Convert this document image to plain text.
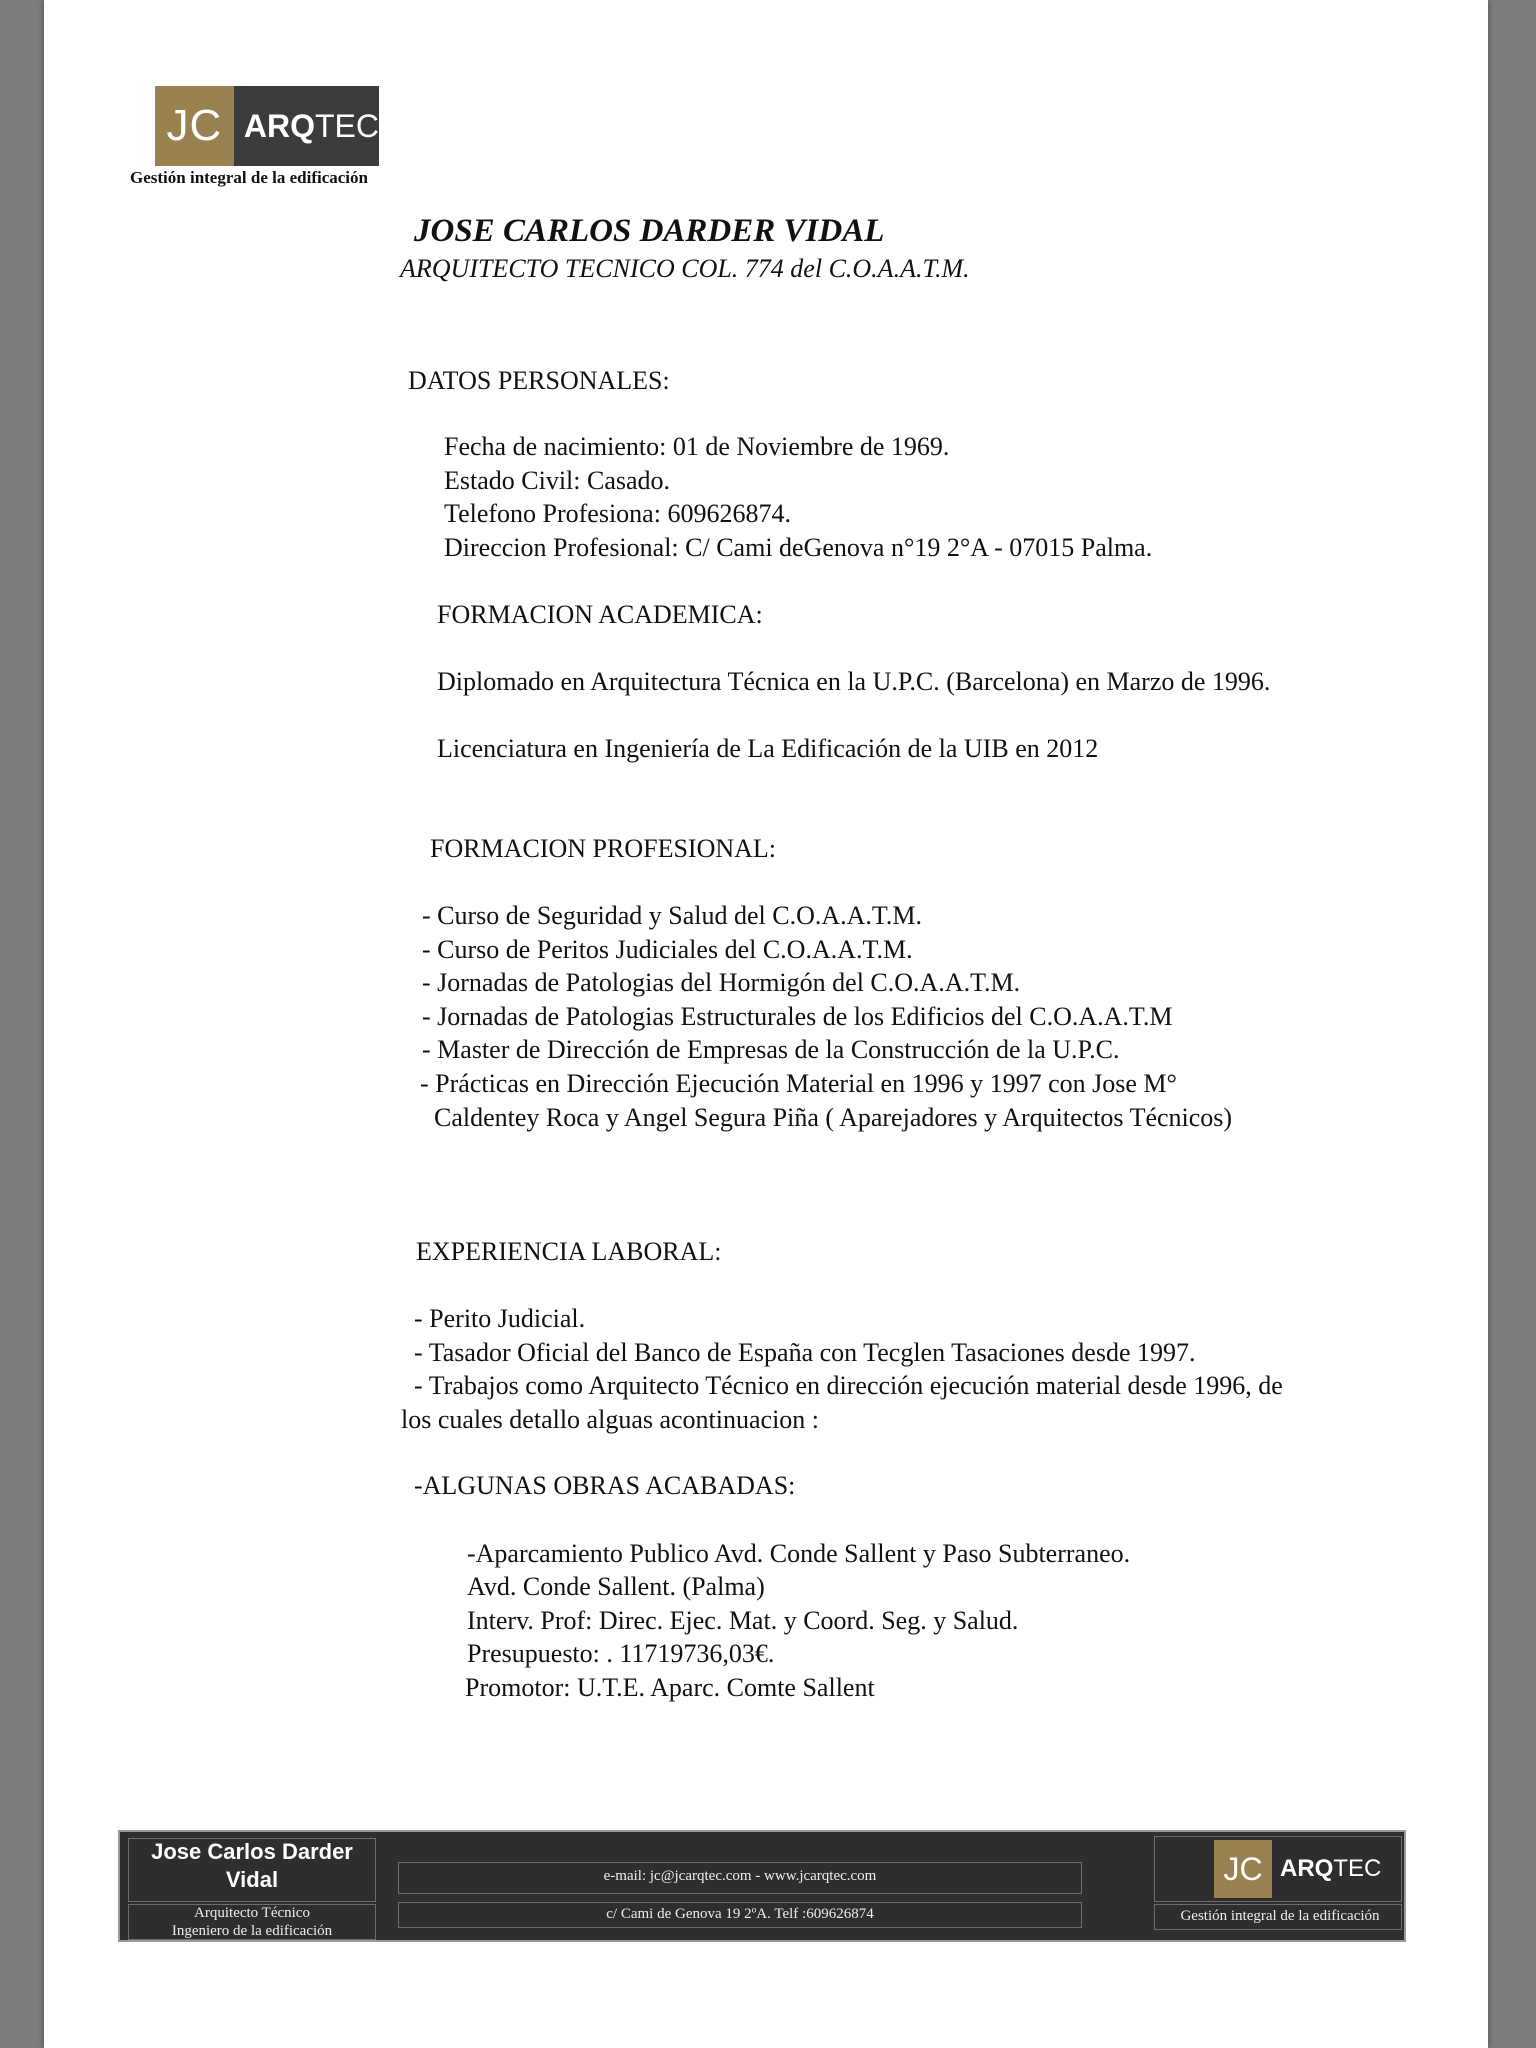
JC ARQ TEC
Gestión integral de la edificación
JOSE CARLOS DARDER VIDAL
ARQUITECTO TECNICO COL. 774 del C.O.A.A.T.M.
DATOS PERSONALES:
Fecha de nacimiento: 01 de Noviembre de 1969.
Estado Civil: Casado.
Telefono Profesiona: 609626874.
Direccion Profesional: C/ Cami deGenova n°19 2°A - 07015 Palma.
FORMACION ACADEMICA:
Diplomado en Arquitectura Técnica en la U.P.C. (Barcelona) en Marzo de 1996.
Licenciatura en Ingeniería de La Edificación de la UIB en 2012
FORMACION PROFESIONAL:
- Curso de Seguridad y Salud del C.O.A.A.T.M.
- Curso de Peritos Judiciales del C.O.A.A.T.M.
- Jornadas de Patologias del Hormigón del C.O.A.A.T.M.
- Jornadas de Patologias Estructurales de los Edificios del C.O.A.A.T.M
- Master de Dirección de Empresas de la Construcción de la U.P.C.
- Prácticas en Dirección Ejecución Material en 1996 y 1997 con Jose M°
Caldentey Roca y Angel Segura Piña ( Aparejadores y Arquitectos Técnicos)
EXPERIENCIA LABORAL:
- Perito Judicial.
- Tasador Oficial del Banco de España con Tecglen Tasaciones desde 1997.
- Trabajos como Arquitecto Técnico en dirección ejecución material desde 1996, de
los cuales detallo alguas acontinuacion :
-ALGUNAS OBRAS ACABADAS:
-Aparcamiento Publico Avd. Conde Sallent y Paso Subterraneo.
Avd. Conde Sallent. (Palma)
Interv. Prof: Direc. Ejec. Mat. y Coord. Seg. y Salud.
Presupuesto: . 11719736,03€.
Promotor: U.T.E. Aparc. Comte Sallent
Jose Carlos Darder
Vidal
Arquitecto Técnico
Ingeniero de la edificación
e-mail: jc@jcarqtec.com - www.jcarqtec.com
c/ Cami de Genova 19 2ºA. Telf :609626874
JC ARQ TEC
Gestión integral de la edificación
